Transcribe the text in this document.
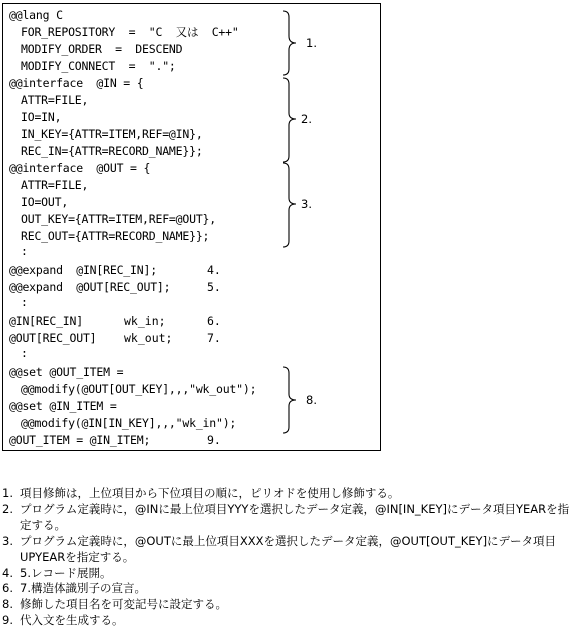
@@lang C
FOR_REPOSITORY  =  "C  又は  C++"
MODIFY_ORDER  =  DESCEND
MODIFY_CONNECT  =  ".";
@@interface  @IN = {
ATTR=FILE,
IO=IN,
IN_KEY={ATTR=ITEM,REF=@IN},
REC_IN={ATTR=RECORD_NAME}};
@@interface  @OUT = {
ATTR=FILE,
IO=OUT,
OUT_KEY={ATTR=ITEM,REF=@OUT},
REC_OUT={ATTR=RECORD_NAME}};
:
@@expand  @IN[REC_IN];
@@expand  @OUT[REC_OUT];
:
@IN[REC_IN]
@OUT[REC_OUT]
:
@@set @OUT_ITEM =
@@modify(@OUT[OUT_KEY],,,"wk_out");
@@set @IN_ITEM =
@@modify(@IN[IN_KEY],,,"wk_in");
@OUT_ITEM = @IN_ITEM;
wk_in;
wk_out;
4.
5.
6.
7.
9.
1.
2.
3.
8.
1. 項目修飾は，上位項目から下位項目の順に，ピリオドを使用し修飾する。
2. プログラム定義時に，@INに最上位項目YYYを選択したデータ定義，@IN[IN_KEY]にデータ項目YEARを指定する。
3. プログラム定義時に，@OUTに最上位項目XXXを選択したデータ定義，@OUT[OUT_KEY]にデータ項目UPYEARを指定する。
4. 5.レコード展開。
6. 7.構造体識別子の宣言。
8. 修飾した項目名を可変記号に設定する。
9. 代入文を生成する。
